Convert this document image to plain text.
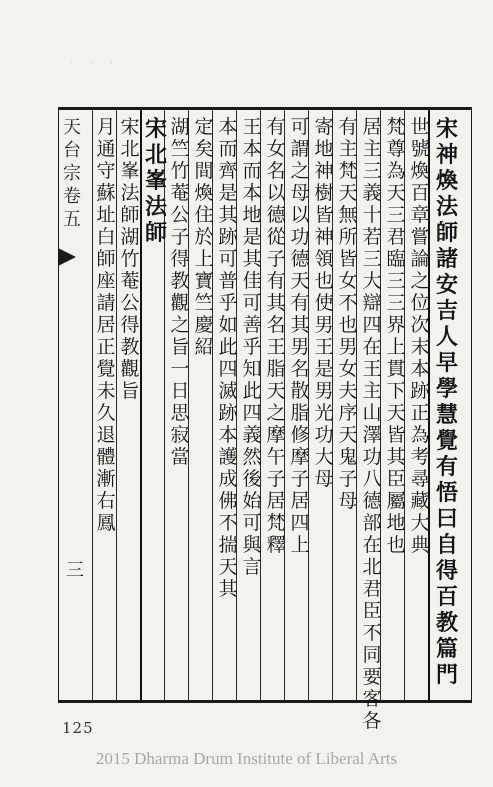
· · ·
宋神煥法師諸安吉人早學慧覺有悟曰自得百教篇門
世號煥百章嘗論之位次末本跡正為考尋藏大典
梵尊為天三君臨三三界上貫下天皆其臣屬地也
居主三義十若三大辯四在王主山澤功八德部在北君臣不同要客各
有主梵天無所皆女不也男女夫序天鬼子母
寄地神樹皆神領也使男王是男光功大母
可謂之母以功德天有其男名散脂修摩子居四上
有女名以德從子有其名王脂天之摩午子居梵釋
王本而本地是其佳可善乎知此四義然後始可與言
本而齊是其跡可普乎如此四滅跡本護成佛不揣天其
定矣間煥住於上寶竺慶紹
宋北峯法師
湖竺竹菴公子得教觀之旨一日思寂當
宋北峯法師湖竹菴公得教觀旨
月通守蘇址白師座請居正覺未久退體漸右鳳
天台宗卷五
三
125
2015 Dharma Drum Institute of Liberal Arts
